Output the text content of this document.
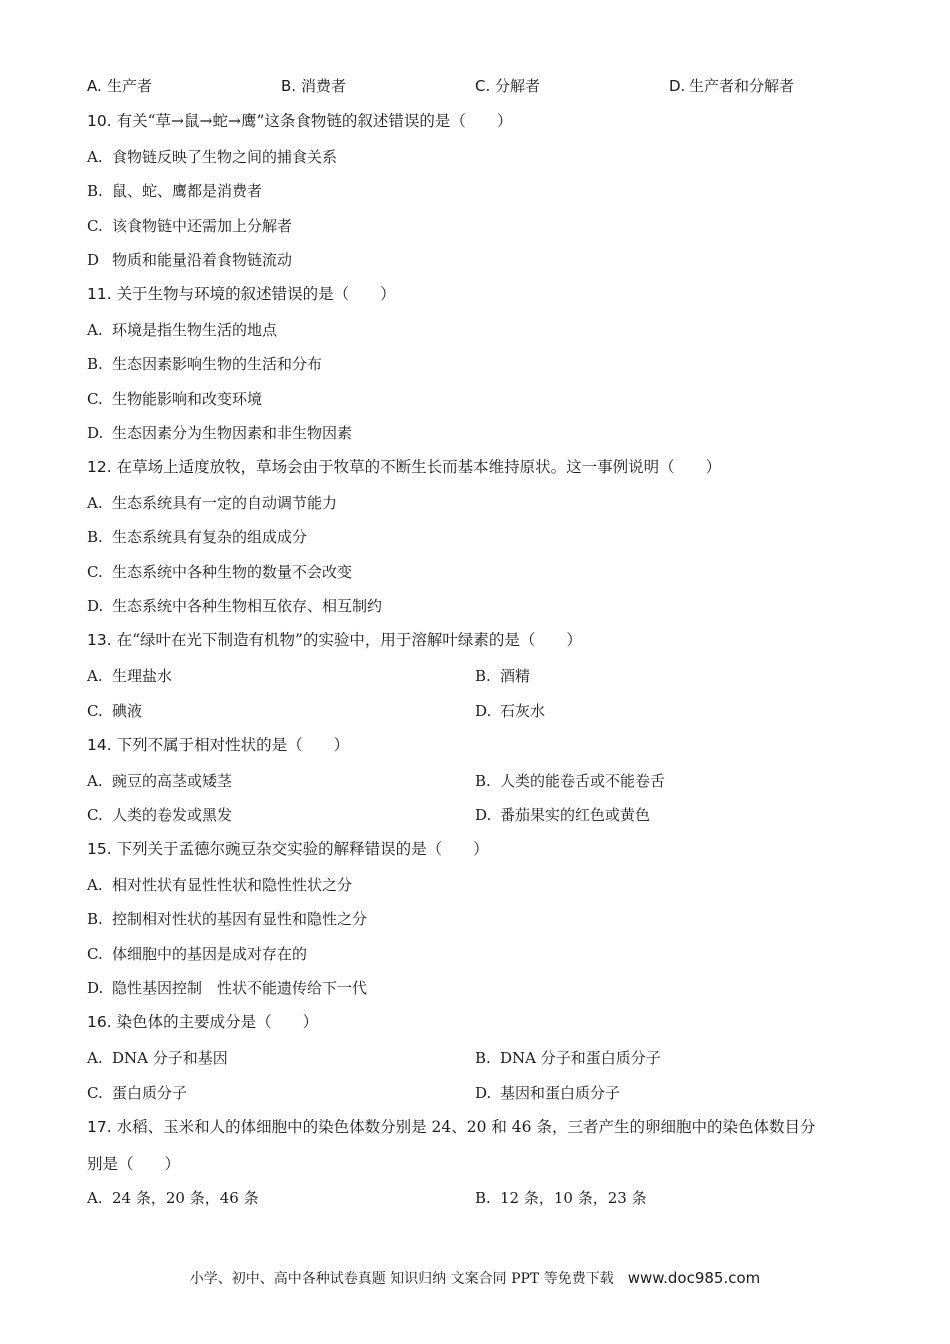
A. 生产者	B. 消费者	C. 分解者	D. 生产者和分解者
10. 有关“草→鼠→蛇→鹰”这条食物链的叙述错误的是（　　）
A. 食物链反映了生物之间的捕食关系
B. 鼠、蛇、鹰都是消费者
C. 该食物链中还需加上分解者
D 物质和能量沿着食物链流动
11. 关于生物与环境的叙述错误的是（　　）
A. 环境是指生物生活的地点
B. 生态因素影响生物的生活和分布
C. 生物能影响和改变环境
D. 生态因素分为生物因素和非生物因素
12. 在草场上适度放牧，草场会由于牧草的不断生长而基本维持原状。这一事例说明（　　）
A. 生态系统具有一定的自动调节能力
B. 生态系统具有复杂的组成成分
C. 生态系统中各种生物的数量不会改变
D. 生态系统中各种生物相互依存、相互制约
13. 在“绿叶在光下制造有机物”的实验中，用于溶解叶绿素的是（　　）
A. 生理盐水	B. 酒精
C. 碘液	D. 石灰水
14. 下列不属于相对性状的是（　　）
A. 豌豆的高茎或矮茎	B. 人类的能卷舌或不能卷舌
C. 人类的卷发或黑发	D. 番茄果实的红色或黄色
15. 下列关于孟德尔豌豆杂交实验的解释错误的是（　　）
A. 相对性状有显性性状和隐性性状之分
B. 控制相对性状的基因有显性和隐性之分
C. 体细胞中的基因是成对存在的
D. 隐性基因控制　性状不能遗传给下一代
16. 染色体的主要成分是（　　）
A. DNA 分子和基因	B. DNA 分子和蛋白质分子
C. 蛋白质分子	D. 基因和蛋白质分子
17. 水稻、玉米和人的体细胞中的染色体数分别是 24、20 和 46 条，三者产生的卵细胞中的染色体数目分
别是（　　）
A. 24 条，20 条，46 条	B. 12 条，10 条，23 条
小学、初中、高中各种试卷真题 知识归纳 文案合同 PPT 等免费下载 www.doc985.com
